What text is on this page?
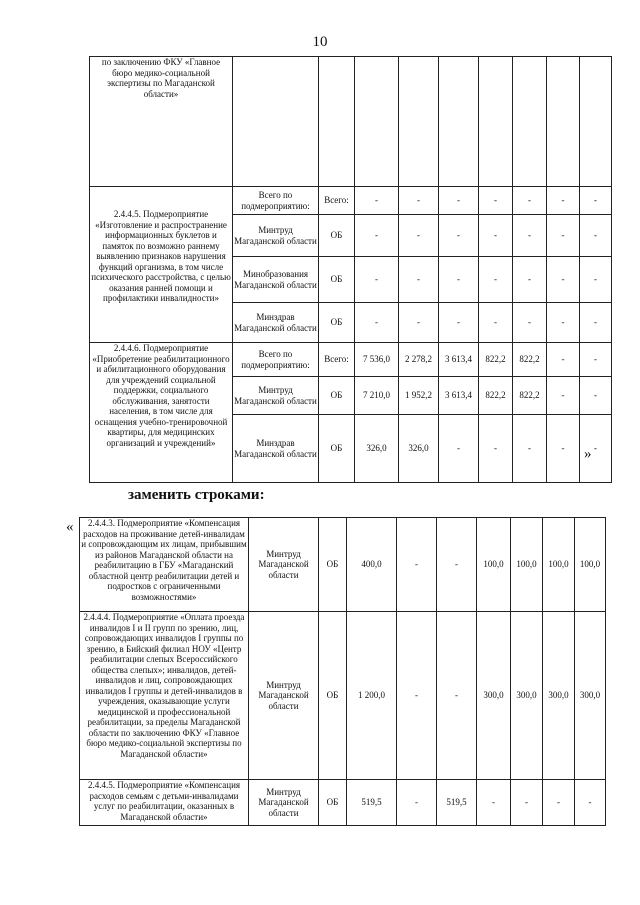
10
по заключению ФКУ «Главное бюро медико-социальной экспертизы по Магаданской области»									
2.4.4.5. Подмероприятие «Изготовление и распространение информационных буклетов и памяток по возможно раннему выявлению признаков нарушения функций организма, в том числе психического расстройства, с целью оказания ранней помощи и профилактики инвалидности»	Всего по подмероприятию:	Всего:	-	-	-	-	-	-	-
	Минтруд Магаданской области	ОБ	-	-	-	-	-	-	-
	Минобразования Магаданской области	ОБ	-	-	-	-	-	-	-
	Минздрав Магаданской области	ОБ	-	-	-	-	-	-	-
2.4.4.6. Подмероприятие «Приобретение реабилитационного и абилитационного оборудования для учреждений социальной поддержки, социального обслуживания, занятости населения, в том числе для оснащения учебно-тренировочной квартиры, для медицинских организаций и учреждений»	Всего по подмероприятию:	Всего:	7 536,0	2 278,2	3 613,4	822,2	822,2	-	-
	Минтруд Магаданской области	ОБ	7 210,0	1 952,2	3 613,4	822,2	822,2	-	-
	Минздрав Магаданской области	ОБ	326,0	326,0	-	-	-	-	-
»
заменить строками:
« 2.4.4.3. Подмероприятие «Компенсация расходов на проживание детей-инвалидам и сопровождающим их лицам, прибывшим из районов Магаданской области на реабилитацию в ГБУ «Магаданский областной центр реабилитации детей и подростков с ограниченными возможностями»	Минтруд Магаданской области	ОБ	400,0	-	-	100,0	100,0	100,0	100,0
2.4.4.4. Подмероприятие «Оплата проезда инвалидов I и II групп по зрению, лиц, сопровождающих инвалидов I группы по зрению, в Бийский филиал НОУ «Центр реабилитации слепых Всероссийского общества слепых»; инвалидов, детей-инвалидов и лиц, сопровождающих инвалидов I группы и детей-инвалидов в учреждения, оказывающие услуги медицинской и профессиональной реабилитации, за пределы Магаданской области по заключению ФКУ «Главное бюро медико-социальной экспертизы по Магаданской области»	Минтруд Магаданской области	ОБ	1 200,0	-	-	300,0	300,0	300,0	300,0
2.4.4.5. Подмероприятие «Компенсация расходов семьям с детьми-инвалидами услуг по реабилитации, оказанных в Магаданской области»	Минтруд Магаданской области	ОБ	519,5	-	519,5	-	-	-	-
